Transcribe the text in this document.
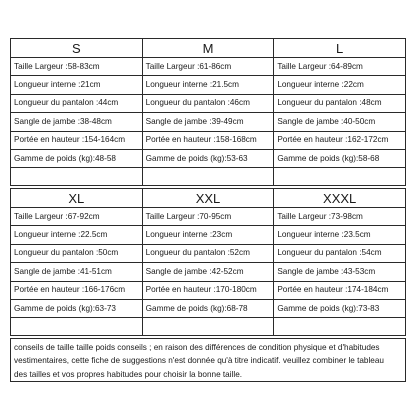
S	M	L
Taille Largeur :58-83cm	Taille Largeur :61-86cm	Taille Largeur :64-89cm
Longueur interne :21cm	Longueur interne :21.5cm	Longueur interne :22cm
Longueur du pantalon :44cm	Longueur du pantalon :46cm	Longueur du pantalon :48cm
Sangle de jambe :38-48cm	Sangle de jambe :39-49cm	Sangle de jambe :40-50cm
Portée en hauteur :154-164cm	Portée en hauteur :158-168cm	Portée en hauteur :162-172cm
Gamme de poids (kg):48-58	Gamme de poids (kg):53-63	Gamme de poids (kg):58-68

XL	XXL	XXXL
Taille Largeur :67-92cm	Taille Largeur :70-95cm	Taille Largeur :73-98cm
Longueur interne :22.5cm	Longueur interne :23cm	Longueur interne :23.5cm
Longueur du pantalon :50cm	Longueur du pantalon :52cm	Longueur du pantalon :54cm
Sangle de jambe :41-51cm	Sangle de jambe :42-52cm	Sangle de jambe :43-53cm
Portée en hauteur :166-176cm	Portée en hauteur :170-180cm	Portée en hauteur :174-184cm
Gamme de poids (kg):63-73	Gamme de poids (kg):68-78	Gamme de poids (kg):73-83

conseils de taille taille poids conseils ; en raison des différences de condition physique et d'habitudes vestimentaires, cette fiche de suggestions n'est donnée qu'à titre indicatif. veuillez combiner le tableau des tailles et vos propres habitudes pour choisir la bonne taille.
